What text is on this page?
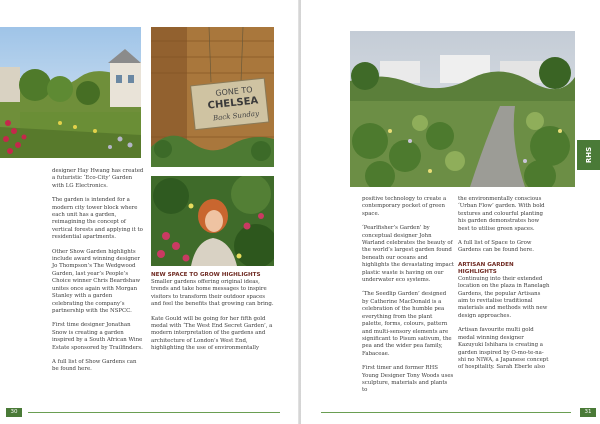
GONE TO
CHELSEA
Back Sunday

designer Hay Hwang has created a futuristic ‘Eco-City’ Garden with LG Electronics.

The garden is intended for a modern city tower block where each unit has a garden, reimagining the concept of vertical forests and applying it to residential apartments.

Other Show Garden highlights include award winning designer Jo Thompson’s The Wedgwood Garden, last year’s People’s Choice winner Chris Beardshaw unites once again with Morgan Stanley with a garden celebrating the company’s partnership with the NSPCC.

First time designer Jonathan Snow is creating a garden inspired by a South African Wine Estate sponsored by Trailfinders.

A full list of Show Gardens can be found here.

NEW SPACE TO GROW HIGHLIGHTS

Smaller gardens offering original ideas, trends and take home messages to inspire visitors to transform their outdoor spaces and feel the benefits that growing can bring.

Kate Gould will be going for her fifth gold medal with ‘The West End Secret Garden’, a modern interpretation of the gardens and architecture of London’s West End, highlighting the use of environmentally

30

positive technology to create a contemporary pocket of green space.

‘Pearlfisher’s Garden’ by conceptual designer John Warland celebrates the beauty of the world’s largest garden found beneath our oceans and highlights the devastating impact plastic waste is having on our underwater eco systems.

‘The Seedlip Garden’ designed by Catherine MacDonald is a celebration of the humble pea everything from the plant palette, forms, colours, pattern and multi-sensory elements are significant to Pisum sativum, the pea and the wider pea family, Fabaceae.

First timer and former RHS Young Designer Tony Woods uses sculpture, materials and plants to

the environmentally conscious ‘Urban Flow’ garden. With bold textures and colourful planting his garden demonstrates how best to utilise green spaces.

A full list of Space to Grow Gardens can be found here.

ARTISAN GARDEN HIGHLIGHTS

Continuing into their extended location on the plaza in Ranelagh Gardens, the popular Artisans aim to revitalise traditional materials and methods with new design approaches.

Artisan favourite multi gold medal winning designer Kazuyuki Ishihara is creating a garden inspired by O-mo-te-na-shi no NIWA, a Japanese concept of hospitality. Sarah Eberle also

31
RHS
